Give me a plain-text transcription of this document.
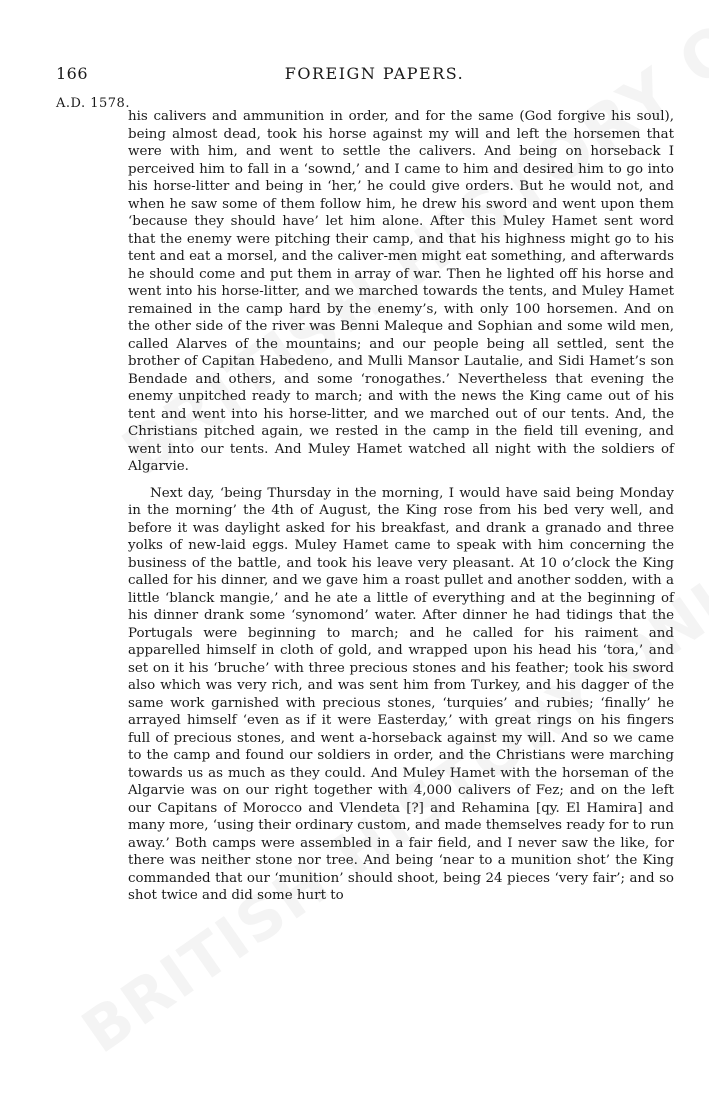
166	FOREIGN PAPERS.
A.D. 1578.

his calivers and ammunition in order, and for the same (God forgive his soul), being almost dead, took his horse against my will and left the horsemen that were with him, and went to settle the calivers. And being on horseback I perceived him to fall in a ‘sownd,’ and I came to him and desired him to go into his horse-litter and being in ‘her,’ he could give orders. But he would not, and when he saw some of them follow him, he drew his sword and went upon them ‘because they should have’ let him alone. After this Muley Hamet sent word that the enemy were pitching their camp, and that his highness might go to his tent and eat a morsel, and the caliver-men might eat something, and afterwards he should come and put them in array of war. Then he lighted off his horse and went into his horse-litter, and we marched towards the tents, and Muley Hamet remained in the camp hard by the enemy’s, with only 100 horsemen. And on the other side of the river was Benni Maleque and Sophian and some wild men, called Alarves of the mountains; and our people being all settled, sent the brother of Capitan Habedeno, and Mulli Mansor Lautalie, and Sidi Hamet’s son Bendade and others, and some ‘ronogathes.’ Nevertheless that evening the enemy unpitched ready to march; and with the news the King came out of his tent and went into his horse-litter, and we marched out of our tents. And, the Christians pitched again, we rested in the camp in the field till evening, and went into our tents. And Muley Hamet watched all night with the soldiers of Algarvie.

Next day, ‘being Thursday in the morning, I would have said being Monday in the morning’ the 4th of August, the King rose from his bed very well, and before it was daylight asked for his breakfast, and drank a granado and three yolks of new-laid eggs. Muley Hamet came to speak with him concerning the business of the battle, and took his leave very pleasant. At 10 o’clock the King called for his dinner, and we gave him a roast pullet and another sodden, with a little ‘blanck mangie,’ and he ate a little of everything and at the beginning of his dinner drank some ‘synomond’ water. After dinner he had tidings that the Portugals were beginning to march; and he called for his raiment and apparelled himself in cloth of gold, and wrapped upon his head his ‘tora,’ and set on it his ‘bruche’ with three precious stones and his feather; took his sword also which was very rich, and was sent him from Turkey, and his dagger of the same work garnished with precious stones, ‘turquies’ and rubies; ‘finally’ he arrayed himself ‘even as if it were Easterday,’ with great rings on his fingers full of precious stones, and went a-horseback against my will. And so we came to the camp and found our soldiers in order, and the Christians were marching towards us as much as they could. And Muley Hamet with the horseman of the Algarvie was on our right together with 4,000 calivers of Fez; and on the left our Capitans of Morocco and Vlendeta [?] and Rehamina [qy. El Hamira] and many more, ‘using their ordinary custom, and made themselves ready for to run away.’ Both camps were assembled in a fair field, and I never saw the like, for there was neither stone nor tree. And being ‘near to a munition shot’ the King commanded that our ‘munition’ should shoot, being 24 pieces ‘very fair’; and so shot twice and did some hurt to
